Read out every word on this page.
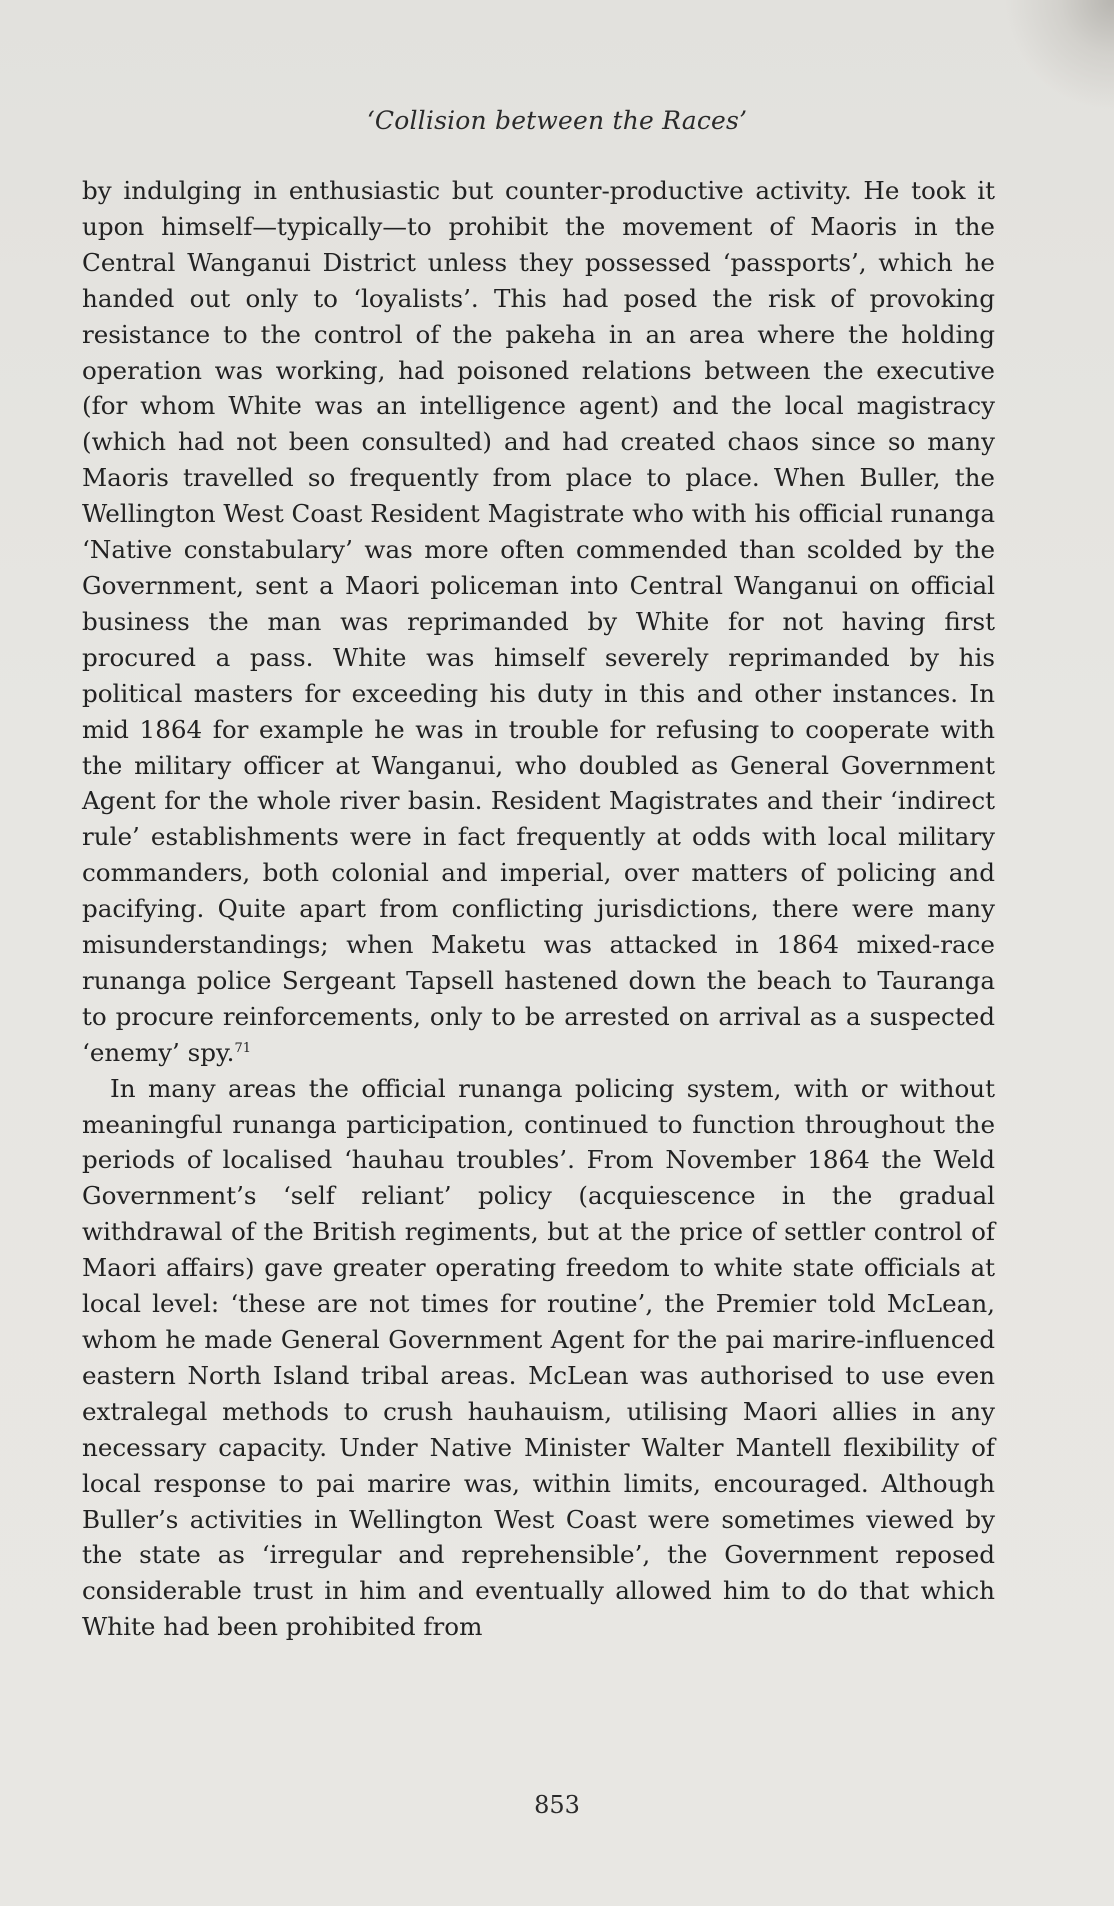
‘Collision between the Races’

by indulging in enthusiastic but counter-productive activity. He took it upon himself—typically—to prohibit the movement of Maoris in the Central Wanganui District unless they possessed ‘passports’, which he handed out only to ‘loyalists’. This had posed the risk of provoking resistance to the control of the pakeha in an area where the holding operation was working, had poisoned relations between the executive (for whom White was an intelligence agent) and the local magistracy (which had not been consulted) and had created chaos since so many Maoris travelled so frequently from place to place. When Buller, the Wellington West Coast Resident Magistrate who with his official runanga ‘Native constabulary’ was more often commended than scolded by the Government, sent a Maori policeman into Central Wanganui on official business the man was reprimanded by White for not having first procured a pass. White was himself severely reprimanded by his political masters for exceeding his duty in this and other instances. In mid 1864 for example he was in trouble for refusing to cooperate with the military officer at Wanganui, who doubled as General Government Agent for the whole river basin. Resident Magistrates and their ‘indirect rule’ establishments were in fact frequently at odds with local military commanders, both colonial and imperial, over matters of policing and pacifying. Quite apart from conflicting jurisdictions, there were many misunderstandings; when Maketu was attacked in 1864 mixed-race runanga police Sergeant Tapsell hastened down the beach to Tauranga to procure reinforcements, only to be arrested on arrival as a suspected ‘enemy’ spy.$^{71}$

In many areas the official runanga policing system, with or without meaningful runanga participation, continued to function throughout the periods of localised ‘hauhau troubles’. From November 1864 the Weld Government’s ‘self reliant’ policy (acquiescence in the gradual withdrawal of the British regiments, but at the price of settler control of Maori affairs) gave greater operating freedom to white state officials at local level: ‘these are not times for routine’, the Premier told McLean, whom he made General Government Agent for the pai marire-influenced eastern North Island tribal areas. McLean was authorised to use even extralegal methods to crush hauhauism, utilising Maori allies in any necessary capacity. Under Native Minister Walter Mantell flexibility of local response to pai marire was, within limits, encouraged. Although Buller’s activities in Wellington West Coast were sometimes viewed by the state as ‘irregular and reprehensible’, the Government reposed considerable trust in him and eventually allowed him to do that which White had been prohibited from

853
